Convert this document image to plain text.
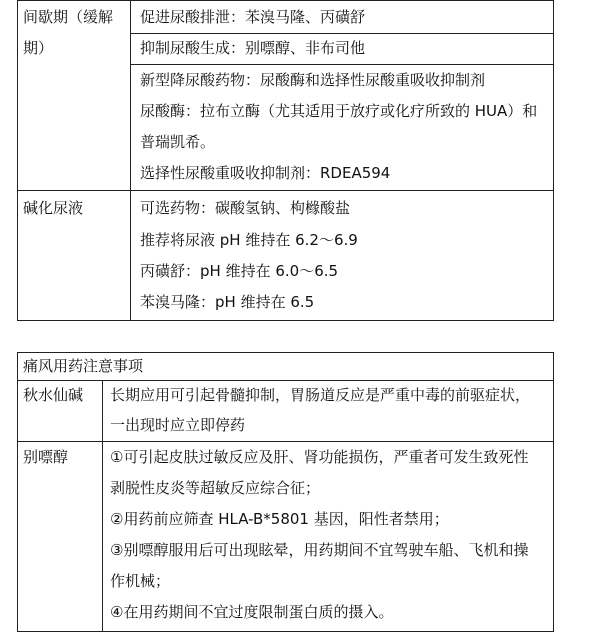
间歇期（缓解
期）
促进尿酸排泄：苯溴马隆、丙磺舒
抑制尿酸生成：别嘌醇、非布司他
新型降尿酸药物：尿酸酶和选择性尿酸重吸收抑制剂
尿酸酶：拉布立酶（尤其适用于放疗或化疗所致的 HUA）和
普瑞凯希。
选择性尿酸重吸收抑制剂：RDEA594
碱化尿液	可选药物：碳酸氢钠、枸橼酸盐
推荐将尿液 pH 维持在 6.2～6.9
丙磺舒：pH 维持在 6.0～6.5
苯溴马隆：pH 维持在 6.5
痛风用药注意事项
秋水仙碱 长期应用可引起骨髓抑制，胃肠道反应是严重中毒的前驱症状，
一出现时应立即停药
别嘌醇	①可引起皮肤过敏反应及肝、肾功能损伤，严重者可发生致死性
剥脱性皮炎等超敏反应综合征；
②用药前应筛查 HLA-B*5801 基因，阳性者禁用；
③别嘌醇服用后可出现眩晕，用药期间不宜驾驶车船、飞机和操
作机械；
④在用药期间不宜过度限制蛋白质的摄入。
